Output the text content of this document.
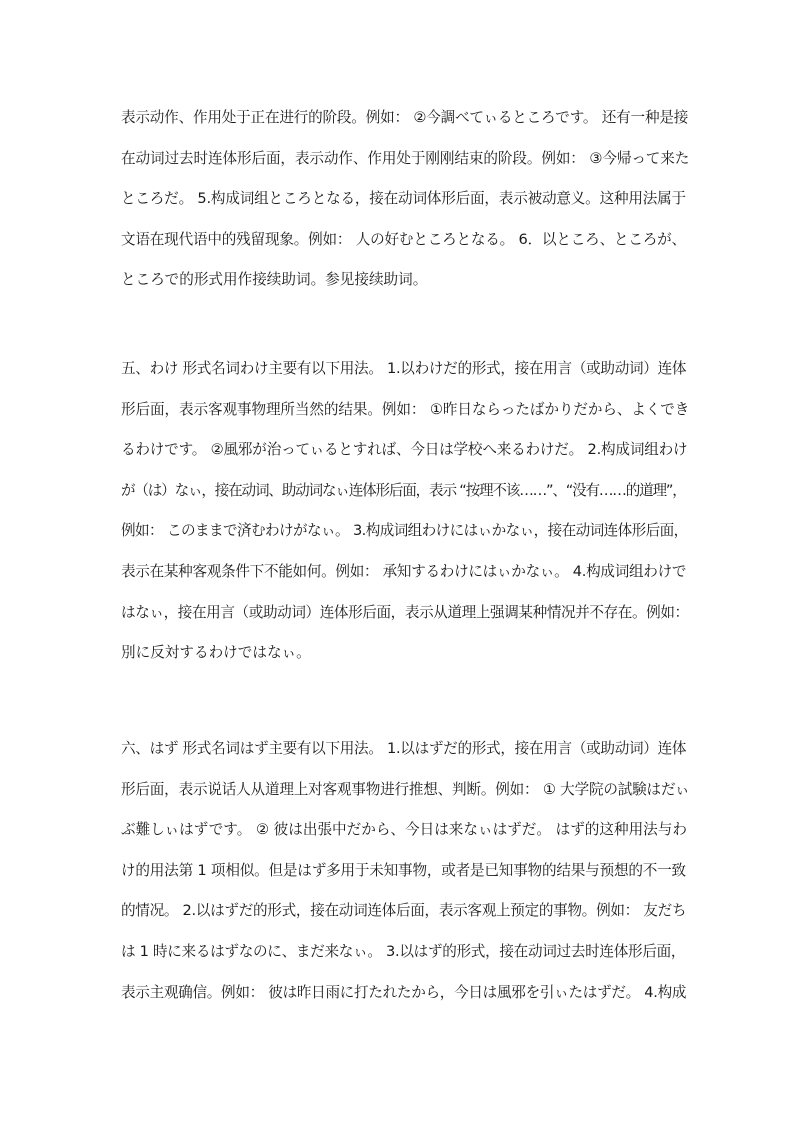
表示动作、作用处于正在进行的阶段。例如： ②今調べてぃるところです。 还有一种是接
在动词过去时连体形后面，表示动作、作用处于刚刚结束的阶段。例如： ③今帰って来た
ところだ。 5.构成词组ところとなる，接在动词体形后面，表示被动意义。这种用法属于
文语在现代语中的残留现象。例如： 人の好むところとなる。 6．以ところ、ところが、
ところで的形式用作接续助词。参见接续助词。
五、わけ 形式名词わけ主要有以下用法。 1.以わけだ的形式，接在用言（或助动词）连体
形后面，表示客观事物理所当然的结果。例如： ①昨日ならったばかりだから、よくでき
るわけです。 ②風邪が治ってぃるとすれば、今日は学校へ来るわけだ。 2.构成词组わけ
が（は）なぃ，接在动词、助动词なぃ连体形后面，表示 “按理不该……”、“没有……的道理”，
例如： このままで済むわけがなぃ。 3.构成词组わけにはぃかなぃ，接在动词连体形后面，
表示在某种客观条件下不能如何。例如： 承知するわけにはぃかなぃ。 4.构成词组わけで
はなぃ，接在用言（或助动词）连体形后面，表示从道理上强调某种情况并不存在。例如：
別に反対するわけではなぃ。
六、はず 形式名词はず主要有以下用法。 1.以はずだ的形式，接在用言（或助动词）连体
形后面，表示说话人从道理上对客观事物进行推想、判断。例如： ① 大学院の試験はだぃ
ぶ難しぃはずです。 ② 彼は出張中だから、今日は来なぃはずだ。 はず的这种用法与わ
け的用法第 1 项相似。但是はず多用于未知事物，或者是已知事物的结果与预想的不一致
的情况。 2.以はずだ的形式，接在动词连体后面，表示客观上预定的事物。例如： 友だち
は 1 時に来るはずなのに、まだ来なぃ。 3.以はず的形式，接在动词过去时连体形后面，
表示主观确信。例如： 彼は昨日雨に打たれたから，今日は風邪を引ぃたはずだ。 4.构成
